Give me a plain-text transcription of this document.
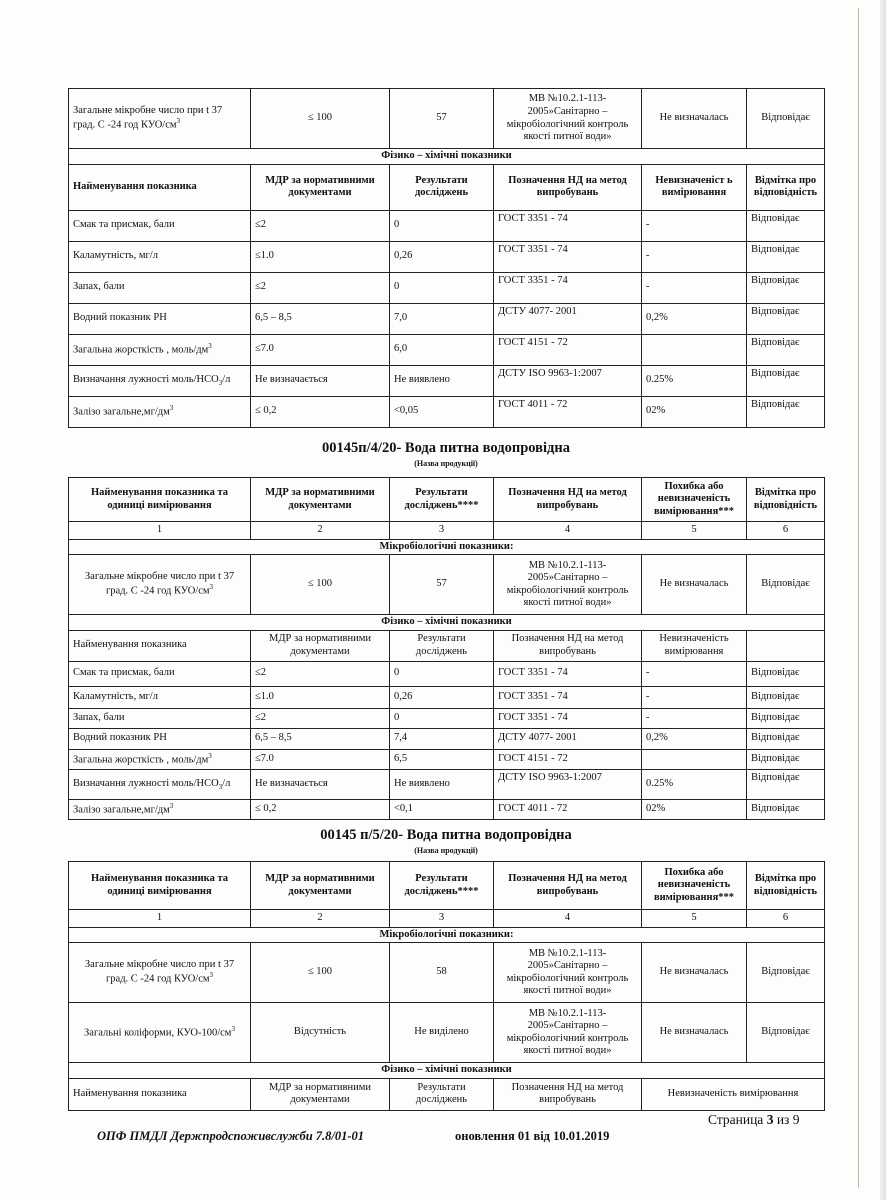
Загальне мікробне число при t 37 град. С -24 год КУО/$см^3$	≤ 100	57	МВ №10.2.1-113-2005»Санітарно – мікробіологічний контроль якості питної води»	Не визначалась	Відповідає
Фізико – хімічні показники					
Найменування показника	МДР за нормативними документами	Результати досліджень	Позначення НД на метод випробувань	Невизначеніст ь вимірювання	Відмітка про відповідність
Смак та присмак, бали	≤2	0	ГОСТ 3351 - 74	-	Відповідає
Каламутність, мг/л	≤1.0	0,26	ГОСТ 3351 - 74	-	Відповідає
Запах, бали	≤2	0	ГОСТ 3351 - 74	-	Відповідає
Водний показник РН	6,5 – 8,5	7,0	ДСТУ 4077- 2001	0,2%	Відповідає
Загальна жорсткість , моль/$дм^3$	≤7.0	6,0	ГОСТ 4151 - 72		Відповідає
Визначання лужності моль/$НСО_3/л$	Не визначається	Не виявлено	ДСТУ ISO 9963-1:2007	0.25%	Відповідає
Залізо $загальне,мг/дм^3$	≤ 0,2	<0,05	ГОСТ 4011 - 72	02%	Відповідає
00145п/4/20- Вода питна водопровідна
(Назва продукції)
Найменування показника та одиниці вимірювання	МДР за нормативними документами	Результати досліджень****	Позначення НД на метод випробувань	Похибка або невизначеність вимірювання***	Відмітка про відповідність
1	2	3	4	5	6
Мікробіологічні показники:					
Загальне мікробне число при t 37 град. С -24 год КУО/$см^3$	≤ 100	57	МВ №10.2.1-113-2005»Санітарно – мікробіологічний контроль якості питної води»	Не визначалась	Відповідає
Фізико – хімічні показники					
Найменування показника	МДР за нормативними документами	Результати досліджень	Позначення НД на метод випробувань	Невизначеність вимірювання	
Смак та присмак, бали	≤2	0	ГОСТ 3351 - 74	-	Відповідає
Каламутність, мг/л	≤1.0	0,26	ГОСТ 3351 - 74	-	Відповідає
Запах, бали	≤2	0	ГОСТ 3351 - 74	-	Відповідає
Водний показник РН	6,5 – 8,5	7,4	ДСТУ 4077- 2001	0,2%	Відповідає
Загальна жорсткість , моль/$дм^3$	≤7.0	6,5	ГОСТ 4151 - 72		Відповідає
Визначання лужності моль/$НСО_3/л$	Не визначається	Не виявлено	ДСТУ ISO 9963-1:2007	0.25%	Відповідає
Залізо $загальне,мг/дм^3$	≤ 0,2	<0,1	ГОСТ 4011 - 72	02%	Відповідає
00145 п/5/20- Вода питна водопровідна
(Назва продукції)
Найменування показника та одиниці вимірювання	МДР за нормативними документами	Результати досліджень****	Позначення НД на метод випробувань	Похибка або невизначеність вимірювання***	Відмітка про відповідність
1	2	3	4	5	6
Мікробіологічні показники:					
Загальне мікробне число при t 37 град. С -24 год КУО/$см^3$	≤ 100	58	МВ №10.2.1-113-2005»Санітарно – мікробіологічний контроль якості питної води»	Не визначалась	Відповідає
Загальні коліформи, КУО-$100/см^3$	Відсутність	Не виділено	МВ №10.2.1-113-2005»Санітарно – мікробіологічний контроль якості питної води»	Не визначалась	Відповідає
Фізико – хімічні показники					
Найменування показника	МДР за нормативними документами	Результати досліджень	Позначення НД на метод випробувань	Невизначеність вимірювання	
ОПФ ПМДЛ Держпродспоживслужби 7.8/01-01	оновлення 01 від 10.01.2019
Страница 3 из 9
